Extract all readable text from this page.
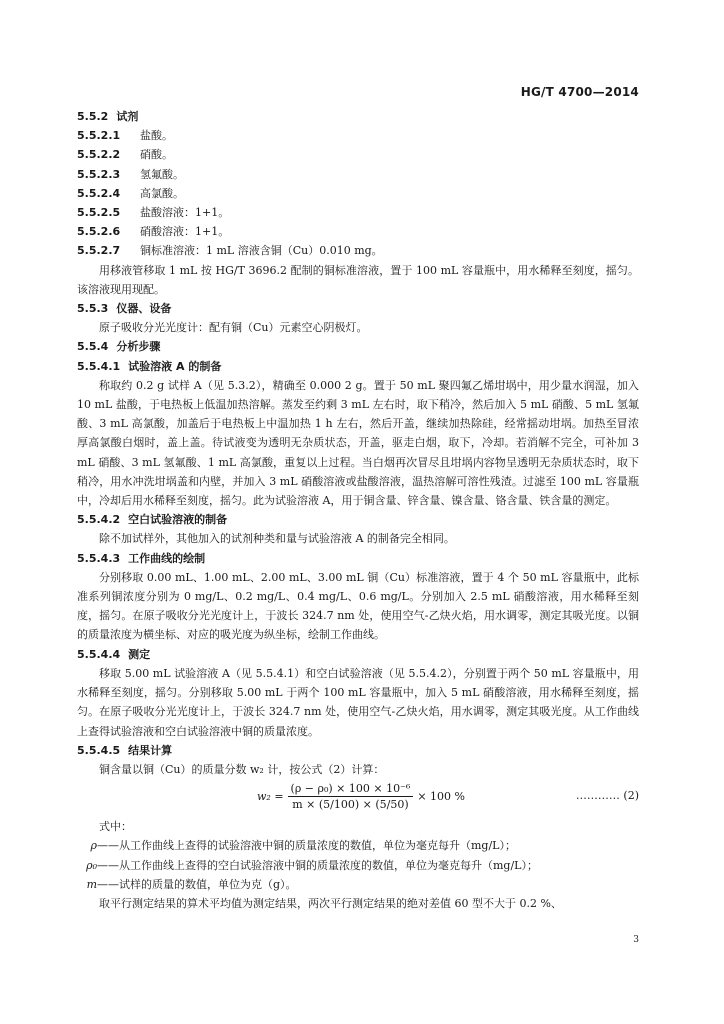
HG/T 4700—2014
5.5.2 试剂
5.5.2.1 盐酸。
5.5.2.2 硝酸。
5.5.2.3 氢氟酸。
5.5.2.4 高氯酸。
5.5.2.5 盐酸溶液：1+1。
5.5.2.6 硝酸溶液：1+1。
5.5.2.7 铜标准溶液：1 mL 溶液含铜（Cu）0.010 mg。
用移液管移取 1 mL 按 HG/T 3696.2 配制的铜标准溶液，置于 100 mL 容量瓶中，用水稀释至刻度，摇匀。该溶液现用现配。
5.5.3 仪器、设备
原子吸收分光光度计：配有铜（Cu）元素空心阴极灯。
5.5.4 分析步骤
5.5.4.1 试验溶液 A 的制备
称取约 0.2 g 试样 A（见 5.3.2），精确至 0.000 2 g。置于 50 mL 聚四氟乙烯坩埚中，用少量水润湿，加入 10 mL 盐酸，于电热板上低温加热溶解。蒸发至约剩 3 mL 左右时，取下稍冷，然后加入 5 mL 硝酸、5 mL 氢氟酸、3 mL 高氯酸，加盖后于电热板上中温加热 1 h 左右，然后开盖，继续加热除硅，经常摇动坩埚。加热至冒浓厚高氯酸白烟时，盖上盖。待试液变为透明无杂质状态，开盖，驱走白烟，取下，冷却。若消解不完全，可补加 3 mL 硝酸、3 mL 氢氟酸、1 mL 高氯酸，重复以上过程。当白烟再次冒尽且坩埚内容物呈透明无杂质状态时，取下稍冷，用水冲洗坩埚盖和内壁，并加入 3 mL 硝酸溶液或盐酸溶液，温热溶解可溶性残渣。过滤至 100 mL 容量瓶中，冷却后用水稀释至刻度，摇匀。此为试验溶液 A，用于铜含量、锌含量、镍含量、铬含量、铁含量的测定。
5.5.4.2 空白试验溶液的制备
除不加试样外，其他加入的试剂种类和量与试验溶液 A 的制备完全相同。
5.5.4.3 工作曲线的绘制
分别移取 0.00 mL、1.00 mL、2.00 mL、3.00 mL 铜（Cu）标准溶液，置于 4 个 50 mL 容量瓶中，此标准系列铜浓度分别为 0 mg/L、0.2 mg/L、0.4 mg/L、0.6 mg/L。分别加入 2.5 mL 硝酸溶液，用水稀释至刻度，摇匀。在原子吸收分光光度计上，于波长 324.7 nm 处，使用空气-乙炔火焰，用水调零，测定其吸光度。以铜的质量浓度为横坐标、对应的吸光度为纵坐标，绘制工作曲线。
5.5.4.4 测定
移取 5.00 mL 试验溶液 A（见 5.5.4.1）和空白试验溶液（见 5.5.4.2），分别置于两个 50 mL 容量瓶中，用水稀释至刻度，摇匀。分别移取 5.00 mL 于两个 100 mL 容量瓶中，加入 5 mL 硝酸溶液，用水稀释至刻度，摇匀。在原子吸收分光光度计上，于波长 324.7 nm 处，使用空气-乙炔火焰，用水调零，测定其吸光度。从工作曲线上查得试验溶液和空白试验溶液中铜的质量浓度。
5.5.4.5 结果计算
铜含量以铜（Cu）的质量分数 w₂ 计，按公式（2）计算：
$w_2 = \frac{\text{(ρ − ρ₀) × 100 × 10⁻⁶}}{m \times (5/100) \times (5/50)} \times 100$ %	………… (2)
式中：
ρ——从工作曲线上查得的试验溶液中铜的质量浓度的数值，单位为毫克每升（mg/L）；
ρ₀——从工作曲线上查得的空白试验溶液中铜的质量浓度的数值，单位为毫克每升（mg/L）；
m——试样的质量的数值，单位为克（g）。
取平行测定结果的算术平均值为测定结果，两次平行测定结果的绝对差值 60 型不大于 0.2 %、
3
